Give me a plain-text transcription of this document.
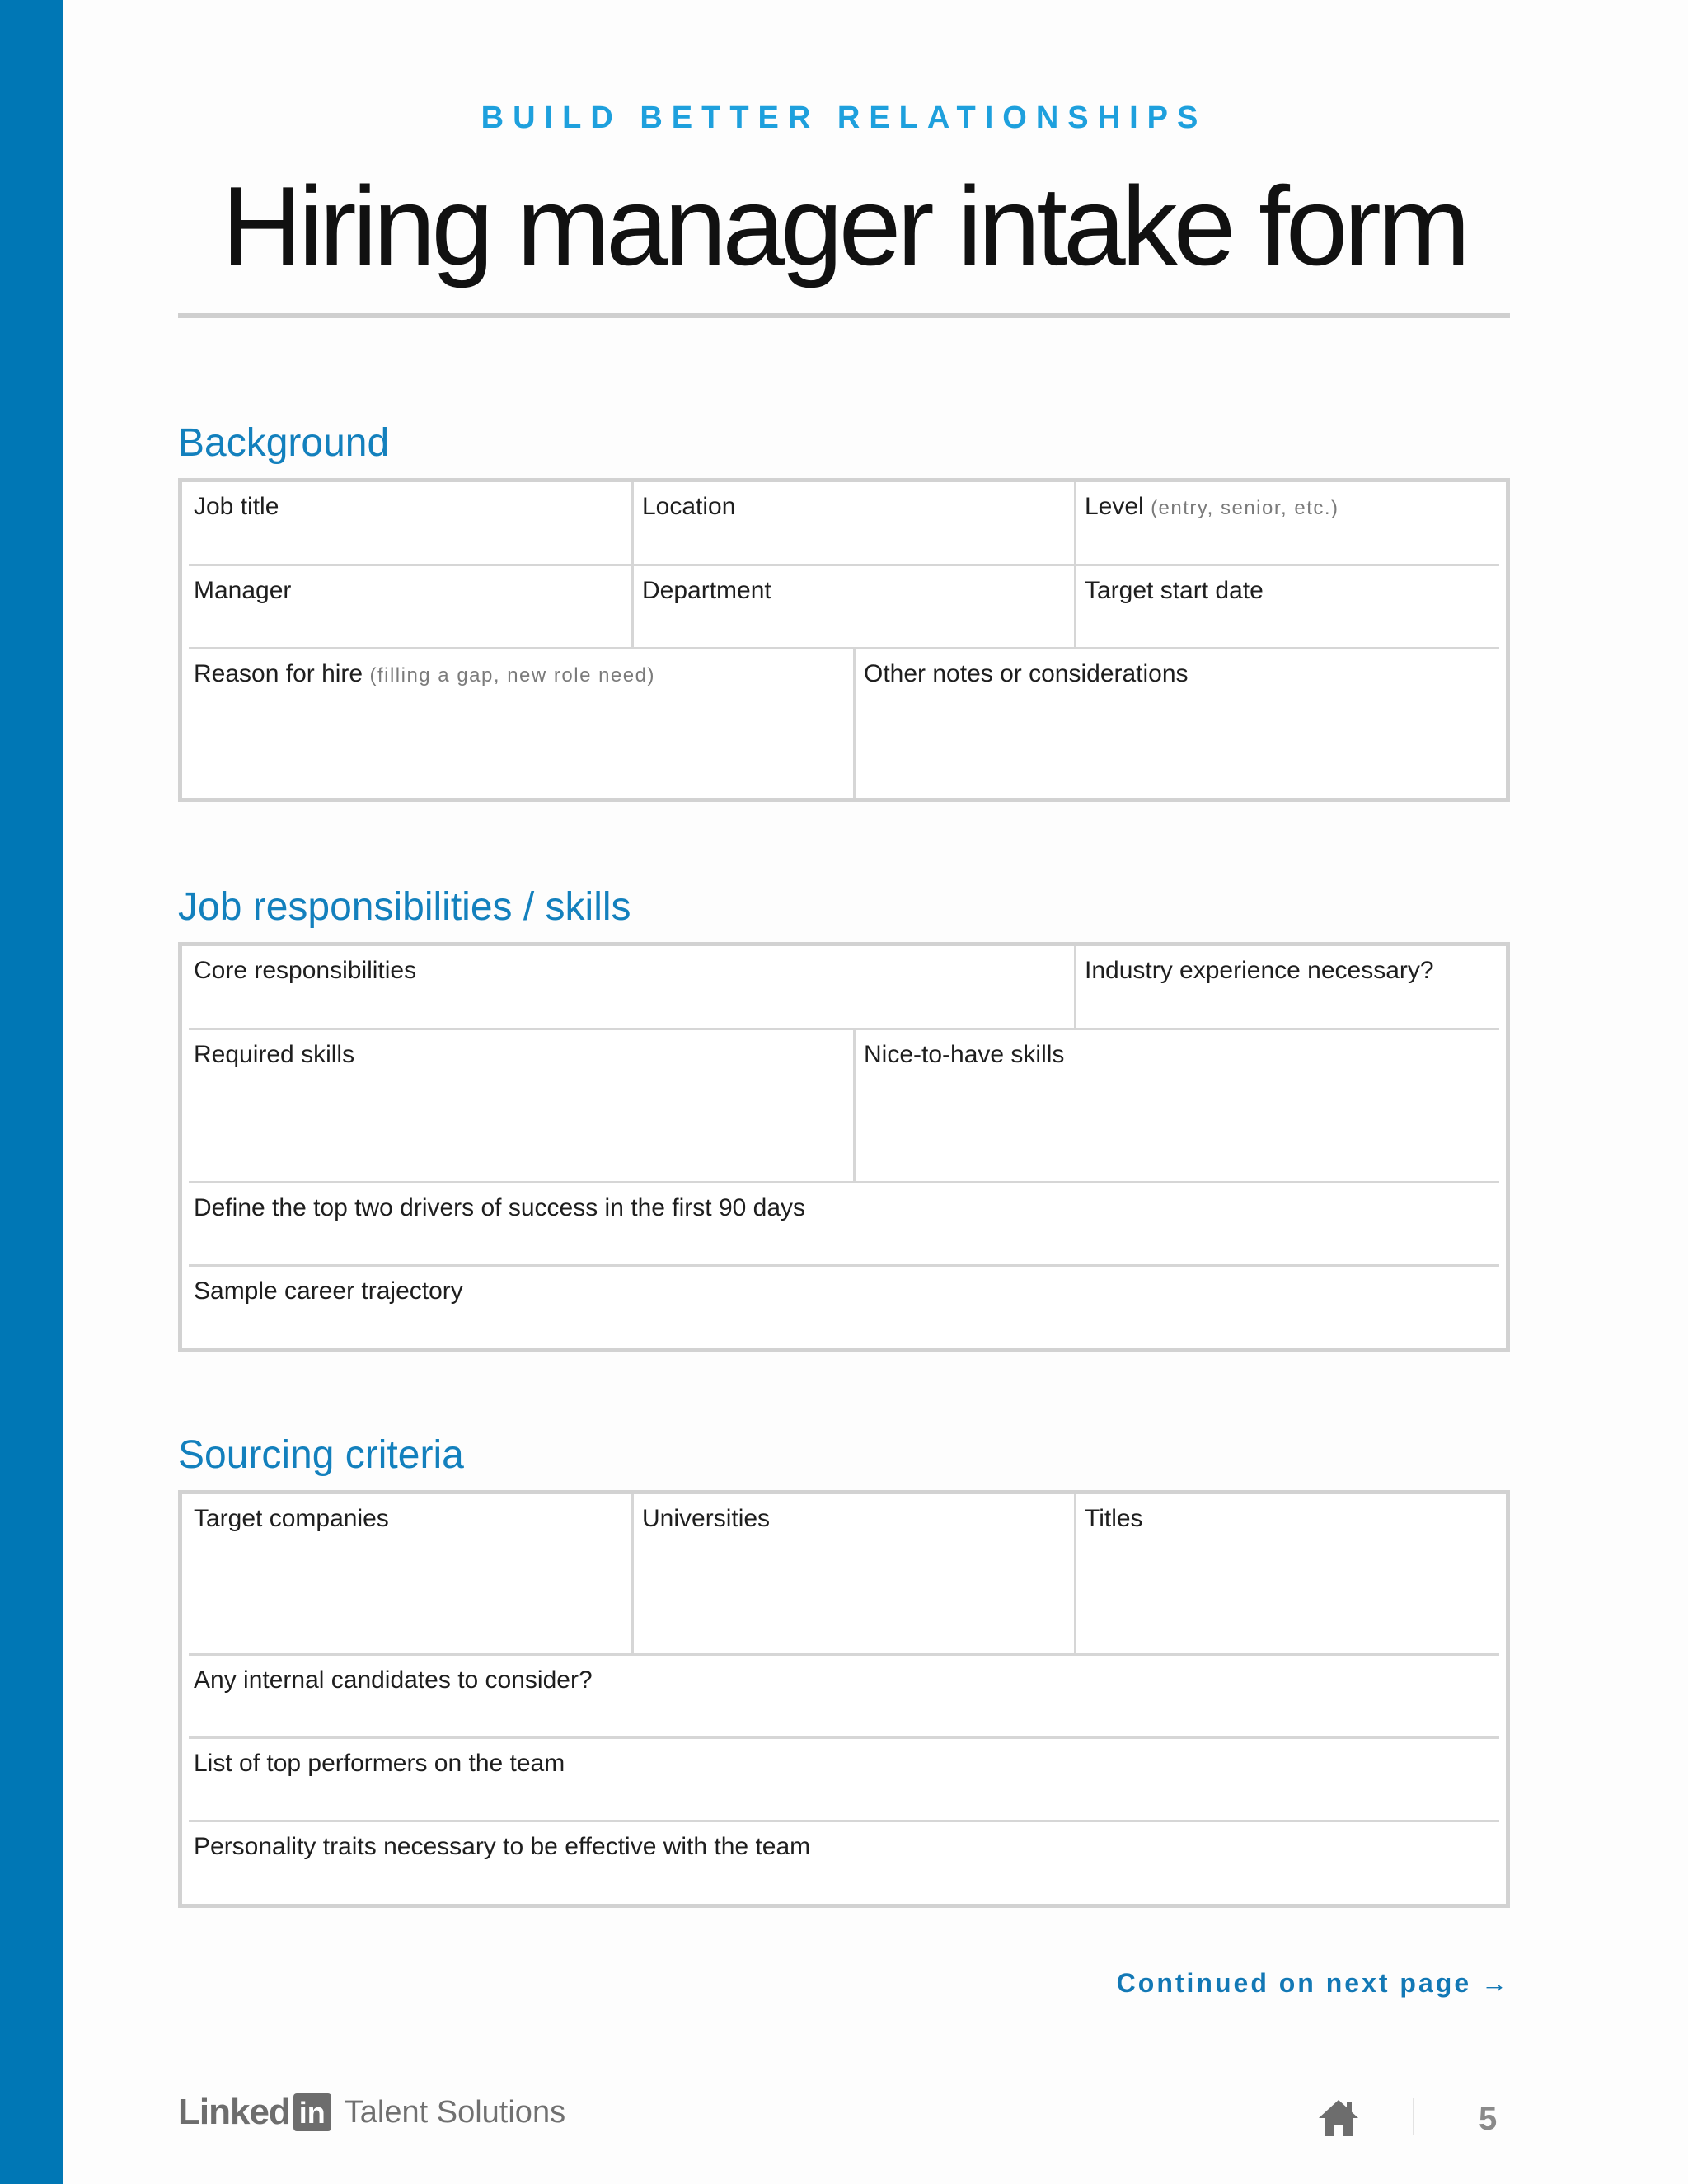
BUILD BETTER RELATIONSHIPS
Hiring manager intake form
Background
Job title	Location	Level (entry, senior, etc.)
Manager	Department	Target start date
Reason for hire (filling a gap, new role need)	Other notes or considerations
Job responsibilities / skills
Core responsibilities	Industry experience necessary?
Required skills	Nice-to-have skills
Define the top two drivers of success in the first 90 days
Sample career trajectory
Sourcing criteria
Target companies	Universities	Titles
Any internal candidates to consider?
List of top performers on the team
Personality traits necessary to be effective with the team
Continued on next page →
Linked in Talent Solutions	5
